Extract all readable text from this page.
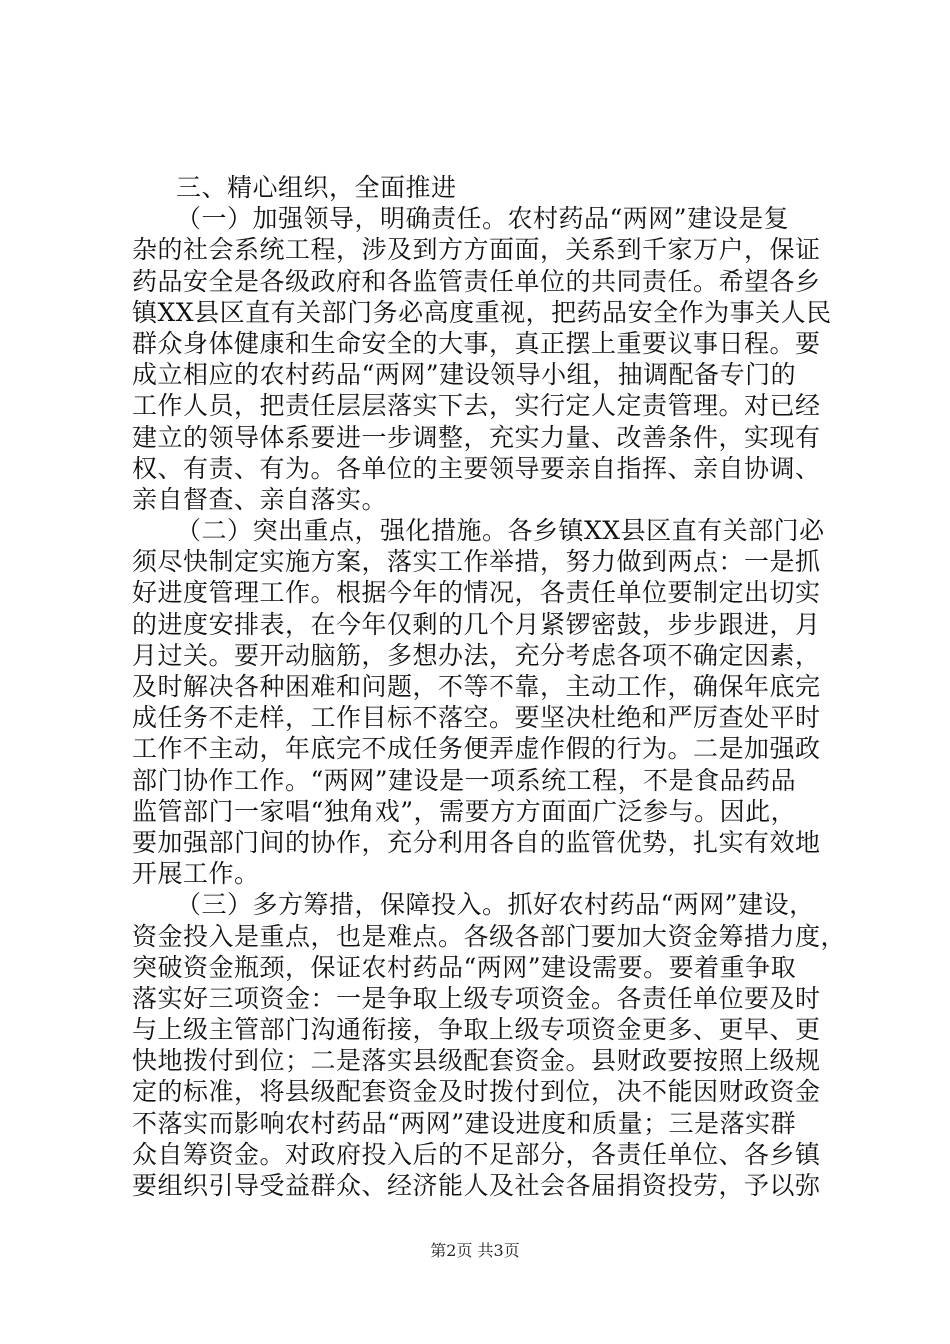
三、精心组织，全面推进
（一）加强领导，明确责任。农村药品“两网”建设是复
杂的社会系统工程，涉及到方方面面，关系到千家万户，保证
药品安全是各级政府和各监管责任单位的共同责任。希望各乡
镇XX县区直有关部门务必高度重视，把药品安全作为事关人民
群众身体健康和生命安全的大事，真正摆上重要议事日程。要
成立相应的农村药品“两网”建设领导小组，抽调配备专门的
工作人员，把责任层层落实下去，实行定人定责管理。对已经
建立的领导体系要进一步调整，充实力量、改善条件，实现有
权、有责、有为。各单位的主要领导要亲自指挥、亲自协调、
亲自督查、亲自落实。
（二）突出重点，强化措施。各乡镇XX县区直有关部门必
须尽快制定实施方案，落实工作举措，努力做到两点：一是抓
好进度管理工作。根据今年的情况，各责任单位要制定出切实
的进度安排表，在今年仅剩的几个月紧锣密鼓，步步跟进，月
月过关。要开动脑筋，多想办法，充分考虑各项不确定因素，
及时解决各种困难和问题，不等不靠，主动工作，确保年底完
成任务不走样，工作目标不落空。要坚决杜绝和严厉查处平时
工作不主动，年底完不成任务便弄虚作假的行为。二是加强政
部门协作工作。“两网”建设是一项系统工程，不是食品药品
监管部门一家唱“独角戏”，需要方方面面广泛参与。因此，
要加强部门间的协作，充分利用各自的监管优势，扎实有效地
开展工作。
（三）多方筹措，保障投入。抓好农村药品“两网”建设，
资金投入是重点，也是难点。各级各部门要加大资金筹措力度，
突破资金瓶颈，保证农村药品“两网”建设需要。要着重争取
落实好三项资金：一是争取上级专项资金。各责任单位要及时
与上级主管部门沟通衔接，争取上级专项资金更多、更早、更
快地拨付到位；二是落实县级配套资金。县财政要按照上级规
定的标准，将县级配套资金及时拨付到位，决不能因财政资金
不落实而影响农村药品“两网”建设进度和质量；三是落实群
众自筹资金。对政府投入后的不足部分，各责任单位、各乡镇
要组织引导受益群众、经济能人及社会各届捐资投劳，予以弥
第2页 共3页
